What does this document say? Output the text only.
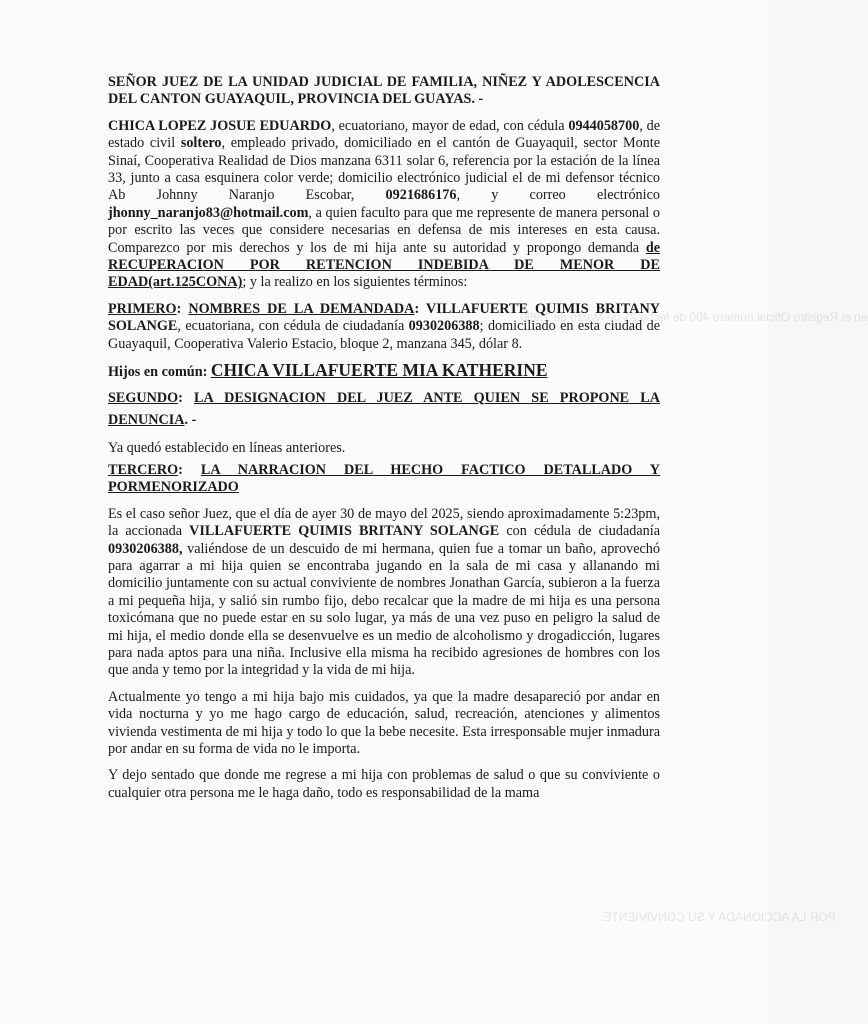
en el Registro Oficial número 400 de fecha 21 de Marzo de 1.990
POR LA ACCIONADA Y SU CONVIVIENTE.

SEÑOR JUEZ DE LA UNIDAD JUDICIAL DE FAMILIA, NIÑEZ Y ADOLESCENCIA DEL CANTON GUAYAQUIL, PROVINCIA DEL GUAYAS. -

CHICA LOPEZ JOSUE EDUARDO, ecuatoriano, mayor de edad, con cédula 0944058700, de estado civil soltero, empleado privado, domiciliado en el cantón de Guayaquil, sector Monte Sinaí, Cooperativa Realidad de Dios manzana 6311 solar 6, referencia por la estación de la línea 33, junto a casa esquinera color verde; domicilio electrónico judicial el de mi defensor técnico Ab Johnny Naranjo Escobar, 0921686176, y correo electrónico jhonny_naranjo83@hotmail.com, a quien faculto para que me represente de manera personal o por escrito las veces que considere necesarias en defensa de mis intereses en esta causa. Comparezco por mis derechos y los de mi hija ante su autoridad y propongo demanda de RECUPERACION POR RETENCION INDEBIDA DE MENOR DE EDAD(art.125CONA); y la realizo en los siguientes términos:

PRIMERO: NOMBRES DE LA DEMANDADA: VILLAFUERTE QUIMIS BRITANY SOLANGE, ecuatoriana, con cédula de ciudadanía 0930206388; domiciliado en esta ciudad de Guayaquil, Cooperativa Valerio Estacio, bloque 2, manzana 345, dólar 8.

Hijos en común: CHICA VILLAFUERTE MIA KATHERINE

SEGUNDO: LA DESIGNACION DEL JUEZ ANTE QUIEN SE PROPONE LA DENUNCIA. -

Ya quedó establecido en líneas anteriores.

TERCERO: LA NARRACION DEL HECHO FACTICO DETALLADO Y PORMENORIZADO

Es el caso señor Juez, que el día de ayer 30 de mayo del 2025, siendo aproximadamente 5:23pm, la accionada VILLAFUERTE QUIMIS BRITANY SOLANGE con cédula de ciudadanía 0930206388, valiéndose de un descuido de mi hermana, quien fue a tomar un baño, aprovechó para agarrar a mi hija quien se encontraba jugando en la sala de mi casa y allanando mi domicilio juntamente con su actual conviviente de nombres Jonathan García, subieron a la fuerza a mi pequeña hija, y salió sin rumbo fijo, debo recalcar que la madre de mi hija es una persona toxicómana que no puede estar en su solo lugar, ya más de una vez puso en peligro la salud de mi hija, el medio donde ella se desenvuelve es un medio de alcoholismo y drogadicción, lugares para nada aptos para una niña. Inclusive ella misma ha recibido agresiones de hombres con los que anda y temo por la integridad y la vida de mi hija.

Actualmente yo tengo a mi hija bajo mis cuidados, ya que la madre desapareció por andar en vida nocturna y yo me hago cargo de educación, salud, recreación, atenciones y alimentos vivienda vestimenta de mi hija y todo lo que la bebe necesite. Esta irresponsable mujer inmadura por andar en su forma de vida no le importa.

Y dejo sentado que donde me regrese a mi hija con problemas de salud o que su conviviente o cualquier otra persona me le haga daño, todo es responsabilidad de la mama
